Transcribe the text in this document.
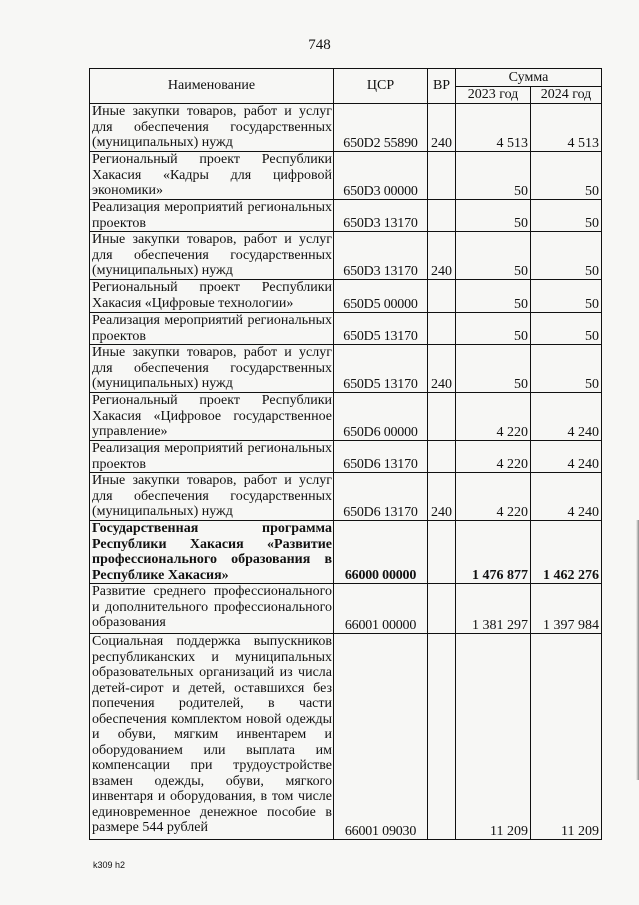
748
Наименование	ЦСР	ВР	Сумма	
			2023 год	2024 год
Иные закупки товаров, работ и услуг для обеспечения государственных (муниципальных) нужд	650D2 55890	240	4 513	4 513
Региональный проект Республики Хакасия «Кадры для цифровой экономики»	650D3 00000		50	50
Реализация мероприятий региональных проектов	650D3 13170		50	50
Иные закупки товаров, работ и услуг для обеспечения государственных (муниципальных) нужд	650D3 13170	240	50	50
Региональный проект Республики Хакасия «Цифровые технологии»	650D5 00000		50	50
Реализация мероприятий региональных проектов	650D5 13170		50	50
Иные закупки товаров, работ и услуг для обеспечения государственных (муниципальных) нужд	650D5 13170	240	50	50
Региональный проект Республики Хакасия «Цифровое государственное управление»	650D6 00000		4 220	4 240
Реализация мероприятий региональных проектов	650D6 13170		4 220	4 240
Иные закупки товаров, работ и услуг для обеспечения государственных (муниципальных) нужд	650D6 13170	240	4 220	4 240
Государственная программа Республики Хакасия «Развитие профессионального образования в Республике Хакасия»	66000 00000		1 476 877	1 462 276
Развитие среднего профессионального и дополнительного профессионального образования	66001 00000		1 381 297	1 397 984
Социальная поддержка выпускников республиканских и муниципальных образовательных организаций из числа детей-сирот и детей, оставшихся без попечения родителей, в части обеспечения комплектом новой одежды и обуви, мягким инвентарем и оборудованием или выплата им компенсации при трудоустройстве взамен одежды, обуви, мягкого инвентаря и оборудования, в том числе единовременное денежное пособие в размере 544 рублей	66001 09030		11 209	11 209
k309 h2
